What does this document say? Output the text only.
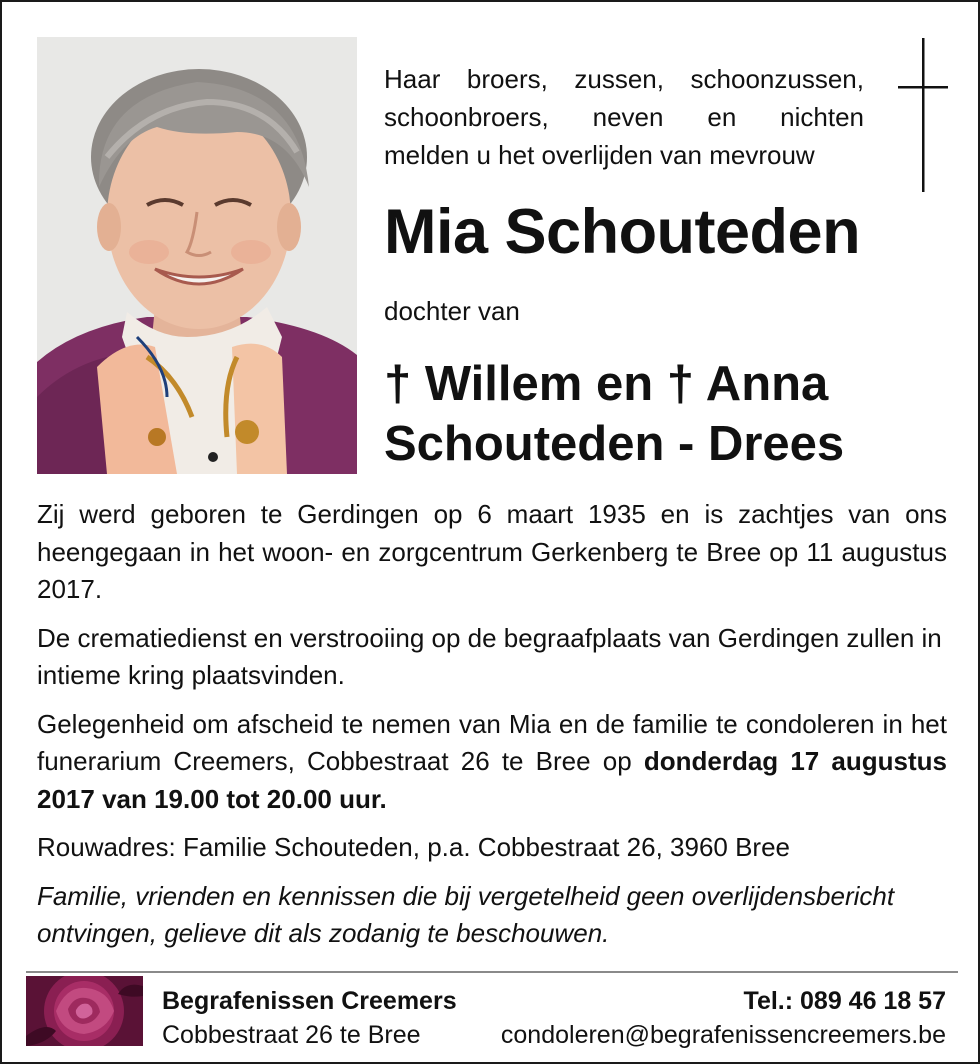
Haar broers, zussen, schoonzussen,
schoonbroers, neven en nichten
melden u het overlijden van mevrouw
Mia Schouteden
dochter van
† Willem en † Anna
Schouteden - Drees

Zij werd geboren te Gerdingen op 6 maart 1935 en is zachtjes van ons heengegaan in het woon- en zorgcentrum Gerkenberg te Bree op 11 augustus 2017.

De crematiedienst en verstrooiing op de begraafplaats van Gerdingen zullen in intieme kring plaatsvinden.

Gelegenheid om afscheid te nemen van Mia en de familie te condoleren in het funerarium Creemers, Cobbestraat 26 te Bree op donderdag 17 augustus 2017 van 19.00 tot 20.00 uur.

Rouwadres: Familie Schouteden, p.a. Cobbestraat 26, 3960 Bree

Familie, vrienden en kennissen die bij vergetelheid geen overlijdensbericht ontvingen, gelieve dit als zodanig te beschouwen.

Begrafenissen Creemers
Cobbestraat 26 te Bree
Tel.: 089 46 18 57
condoleren@begrafenissencreemers.be
